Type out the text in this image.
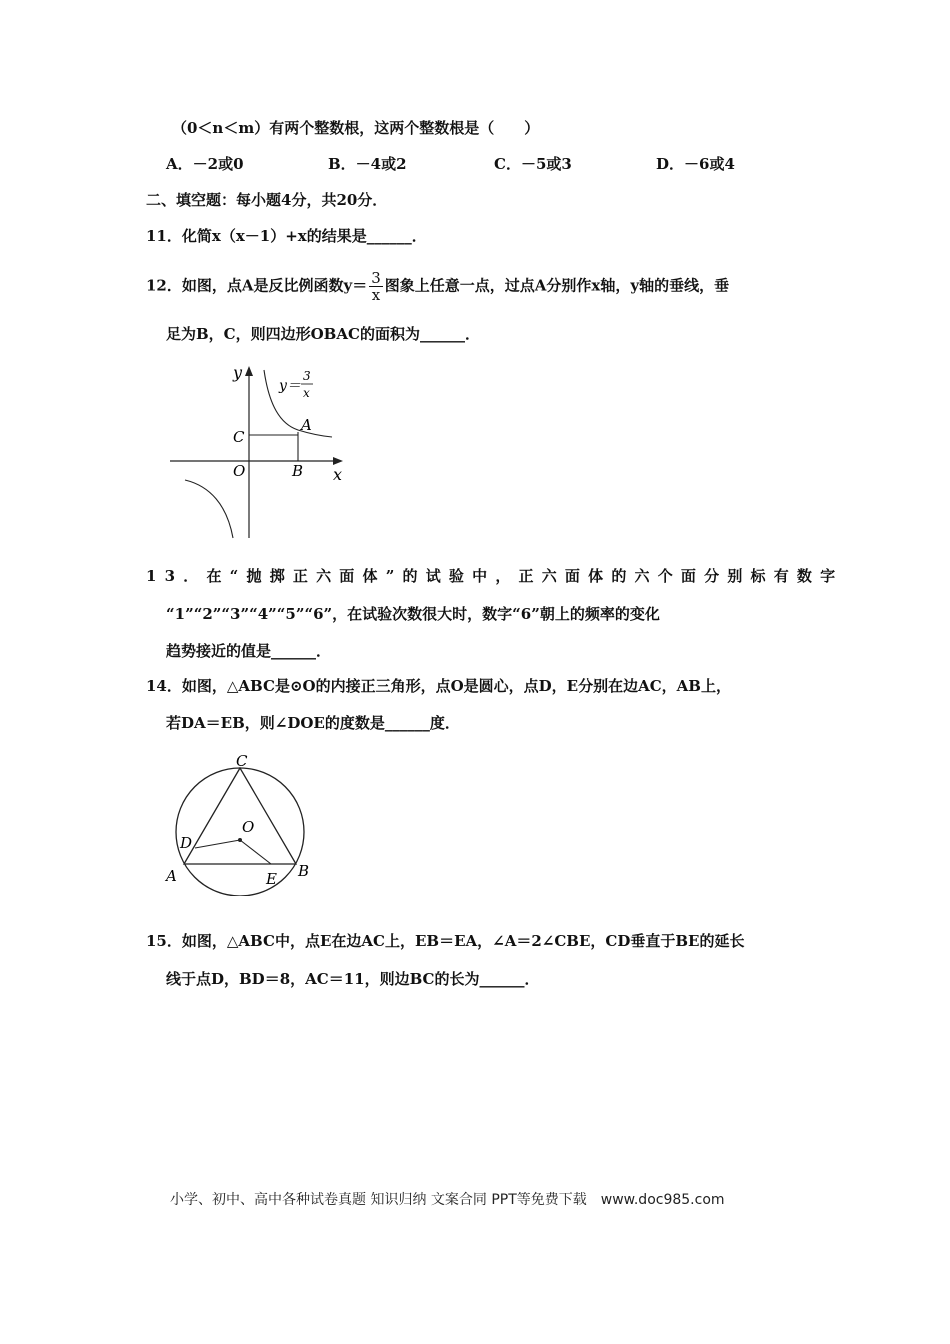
（0＜n＜m）有两个整数根，这两个整数根是（　　）
A．－2或0	B．－4或2	C．－5或3	D．－6或4
二、填空题：每小题4分，共20分．
11．化简x（x－1）+x的结果是______．
12．如图，点A是反比例函数$y= \frac{3}{x}$ 图象上任意一点，过点A分别作x轴，y轴的垂线，垂
足为B，C，则四边形OBAC的面积为______．
y
x
O
C
A
B
y＝
3
x
13．在“抛掷正六面体”的试验中，正六面体的六个面分别标有数字
“1”“2”“3”“4”“5”“6”，在试验次数很大时，数字“6”朝上的频率的变化
趋势接近的值是______．
14．如图，△ABC是⊙O的内接正三角形，点O是圆心，点D，E分别在边AC，AB上，
若DA＝EB，则∠DOE的度数是______度．
C
A	B
D
E
O
15．如图，△ABC中，点E在边AC上，EB＝EA，∠A＝2∠CBE，CD垂直于BE的延长
线于点D，BD＝8，AC＝11，则边BC的长为______．
小学、初中、高中各种试卷真题 知识归纳 文案合同 PPT等免费下载　www.doc985.com
